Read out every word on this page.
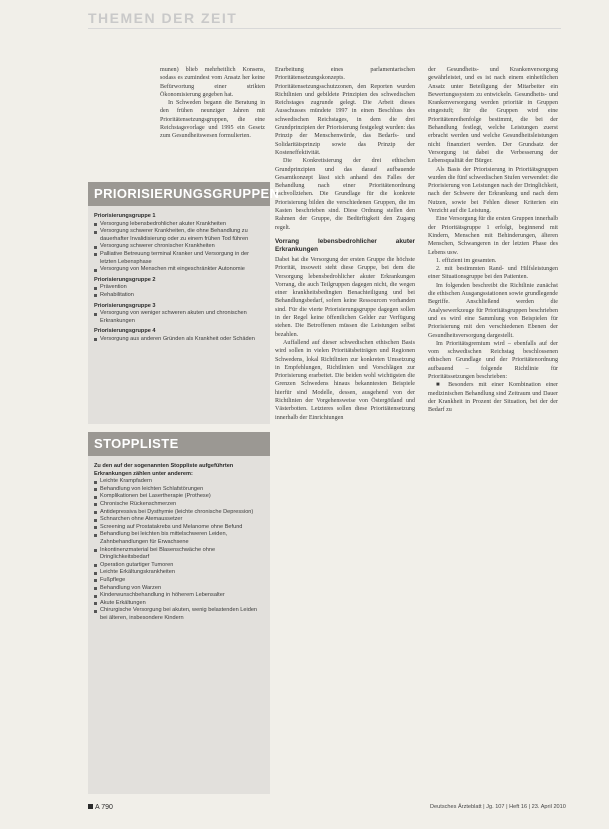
THEMEN DER ZEIT

munen) blieb mehrheitlich Konsens, sodass es zumindest vom Ansatz her keine Befürwortung einer strikten Ökonomisierung gegeben hat.

In Schweden begann die Beratung in den frühen neunziger Jahren mit Prioritätensetzungsgruppen, die eine Reichstagsvorlage und 1995 ein Gesetz zum Gesundheitswesen formulierten.

Erarbeitung eines parlamentarischen Prioritätensetzungskonzepts. Prioritätensetzungsschutzzonen, den Reporten wurden Richtlinien und gebildete Prinzipien des schwedischen Reichstages zugrunde gelegt. Die Arbeit dieses Ausschusses mündete 1997 in einen Beschluss des schwedischen Reichstages, in dem die drei Grundprinzipien der Priorisierung festgelegt wurden: das Prinzip der Menschenwürde, das Bedarfs- und Solidaritätsprinzip sowie das Prinzip der Kosteneffektivität.

Die Konkretisierung der drei ethischen Grundprinzipien und das darauf aufbauende Gesamtkonzept lässt sich anhand des Falles der Behandlung nach einer Prioritätenordnung nachvollziehen. Die Grundlage für die konkrete Priorisierung bilden die verschiedenen Gruppen, die im Kasten beschrieben sind. Diese Ordnung stellen den Rahmen der Gruppe, die Bedürftigkeit den Zugang regelt.

Vorrang lebensbedrohlicher akuter Erkrankungen

Dabei hat die Versorgung der ersten Gruppe die höchste Priorität, insoweit steht diese Gruppe, bei dem die Versorgung lebensbedrohlicher akuter Erkrankungen Vorrang, die auch Teilgruppen dagegen nicht, die wegen einer krankheitsbedingten Benachteiligung und bei Behandlungsbedarf, sofern keine Ressourcen vorhanden sind. Für die vierte Priorisierungsgruppe dagegen sollen in der Regel keine öffentlichen Gelder zur Verfügung stehen. Die Betroffenen müssen die Leistungen selbst bezahlen.

Auffallend auf dieser schwedischen ethischen Basis wird sollen in vielen Prioritätsbeiträgen und Regionen Schwedens, lokal Richtlinien zur konkreten Umsetzung in Empfehlungen, Richtlinien und Vorschlägen zur Priorisierung erarbeitet. Die beiden wohl wichtigsten die Grenzen Schwedens hinaus bekanntesten Beispiele hierfür sind Modelle, dessen, ausgehend von der Richtlinien der Vorgehensweise von Östergötland und Västerbotten. Letzteres sollen diese Prioritätensetzung innerhalb der Einrichtungen

der Gesundheits- und Krankenversorgung gewährleistet, und es ist nach einem einheitlichen Ansatz unter Beteiligung der Mitarbeiter ein Bewertungssystem zu entwickeln. Gesundheits- und Krankenversorgung werden prioritär in Gruppen eingestuft; für die Gruppen wird eine Prioritätenreihenfolge bestimmt, die bei der Behandlung festlegt, welche Leistungen zuerst erbracht werden und welche Gesundheitsleistungen nicht finanziert werden. Der Grundsatz der Versorgung ist dabei die Verbesserung der Lebensqualität der Bürger.

Als Basis der Priorisierung in Prioritätsgruppen wurden die fünf schwedischen Stufen verwendet: die Priorisierung von Leistungen nach der Dringlichkeit, nach der Schwere der Erkrankung und nach dem Nutzen, sowie bei Fehlen dieser Kriterien ein Verzicht auf die Leistung.

Eine Versorgung für die ersten Gruppen innerhalb der Prioritätsgruppe 1 erfolgt, beginnend mit Kindern, Menschen mit Behinderungen, älteren Menschen, Schwangeren in der letzten Phase des Lebens usw.

1. effizient im gesamten.

2. mit bestimmten Rand- und Hilfsleistungen einer Situationsgruppe bei den Patienten.

Im folgenden beschreibt die Richtlinie zunächst die ethischen Ausgangsstationen sowie grundlegende Begriffe. Anschließend werden die Analysewerkzeuge für Prioritätsgruppen beschrieben und es wird eine Sammlung von Beispielen für Priorisierung mit den verschiedenen Ebenen der Gesundheitsversorgung dargestellt.

Im Prioritätsgremium wird – ebenfalls auf der vom schwedischen Reichstag beschlossenen ethischen Grundlage und der Prioritätenordnung aufbauend – folgende Richtlinie für Prioritätssetzungen beschrieben:

■ Besonders mit einer Kombination einer medizinischen Behandlung sind Zeitraum und Dauer der Krankheit in Prozent der Situation, bei der der Bedarf zu

PRIORISIERUNGSGRUPPEN
Priorisierungsgruppe 1
Versorgung lebensbedrohlicher akuter Krankheiten
Versorgung schwerer Krankheiten, die ohne Behandlung zu dauerhafter Invalidisierung oder zu einem frühen Tod führen
Versorgung schwerer chronischer Krankheiten
Palliative Betreuung terminal Kranker und Versorgung in der letzten Lebensphase
Versorgung von Menschen mit eingeschränkter Autonomie
Priorisierungsgruppe 2
Prävention
Rehabilitation
Priorisierungsgruppe 3
Versorgung von weniger schweren akuten und chronischen Erkrankungen
Priorisierungsgruppe 4
Versorgung aus anderen Gründen als Krankheit oder Schäden
STOPPLISTE
Zu den auf der sogenannten Stoppliste aufgeführten Erkrankungen zählen unter anderem:
Leichte Krampfadern
Behandlung von leichten Schlafstörungen
Komplikationen bei Lasertherapie (Prothese)
Chronische Rückenschmerzen
Antidepressiva bei Dysthymie (leichte chronische Depression)
Schnarchen ohne Atemaussetzer
Screening auf Prostatakrebs und Melanome ohne Befund
Behandlung bei leichten bis mittelschweren Leiden, Zahnbehandlungen für Erwachsene
Inkontinenzmaterial bei Blasenschwäche ohne Dringlichkeitsbedarf
Operation gutartiger Tumoren
Leichte Erkältungskrankheiten
Fußpflege
Behandlung von Warzen
Kinderwunschbehandlung in höherem Lebensalter
Akute Erkältungen
Chirurgische Versorgung bei akuten, wenig belastenden Leiden bei älteren, insbesondere Kindern
A 790	Deutsches Ärzteblatt | Jg. 107 | Heft 16 | 23. April 2010
